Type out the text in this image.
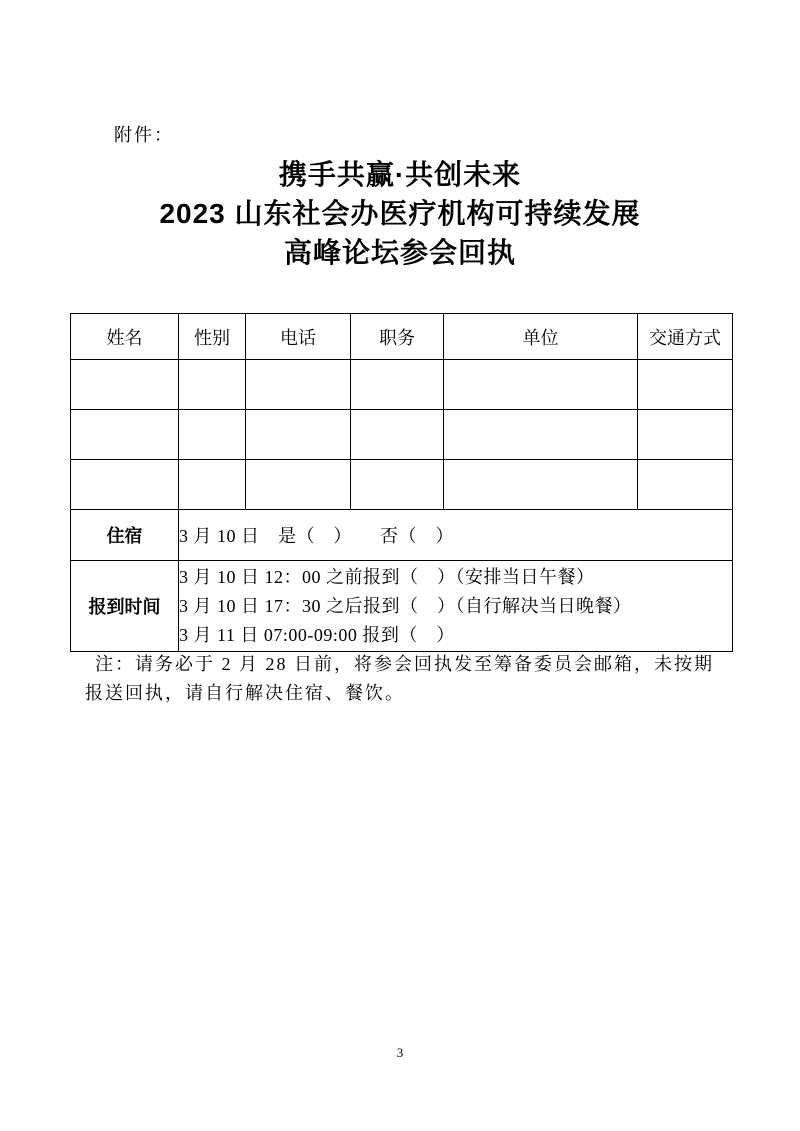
附件：
携手共赢·共创未来
2023 山东社会办医疗机构可持续发展
高峰论坛参会回执
姓名	性别	电话	职务	单位	交通方式

住宿	3 月 10 日　是（　）　　否（　）				
报到时间	3 月 10 日 12：00 之前报到（　）（安排当日午餐）
3 月 10 日 17：30 之后报到（　）（自行解决当日晚餐）
3 月 11 日 07:00-09:00 报到（　）				
注：请务必于 2 月 28 日前，将参会回执发至筹备委员会邮箱，未按期
报送回执，请自行解决住宿、餐饮。
3
